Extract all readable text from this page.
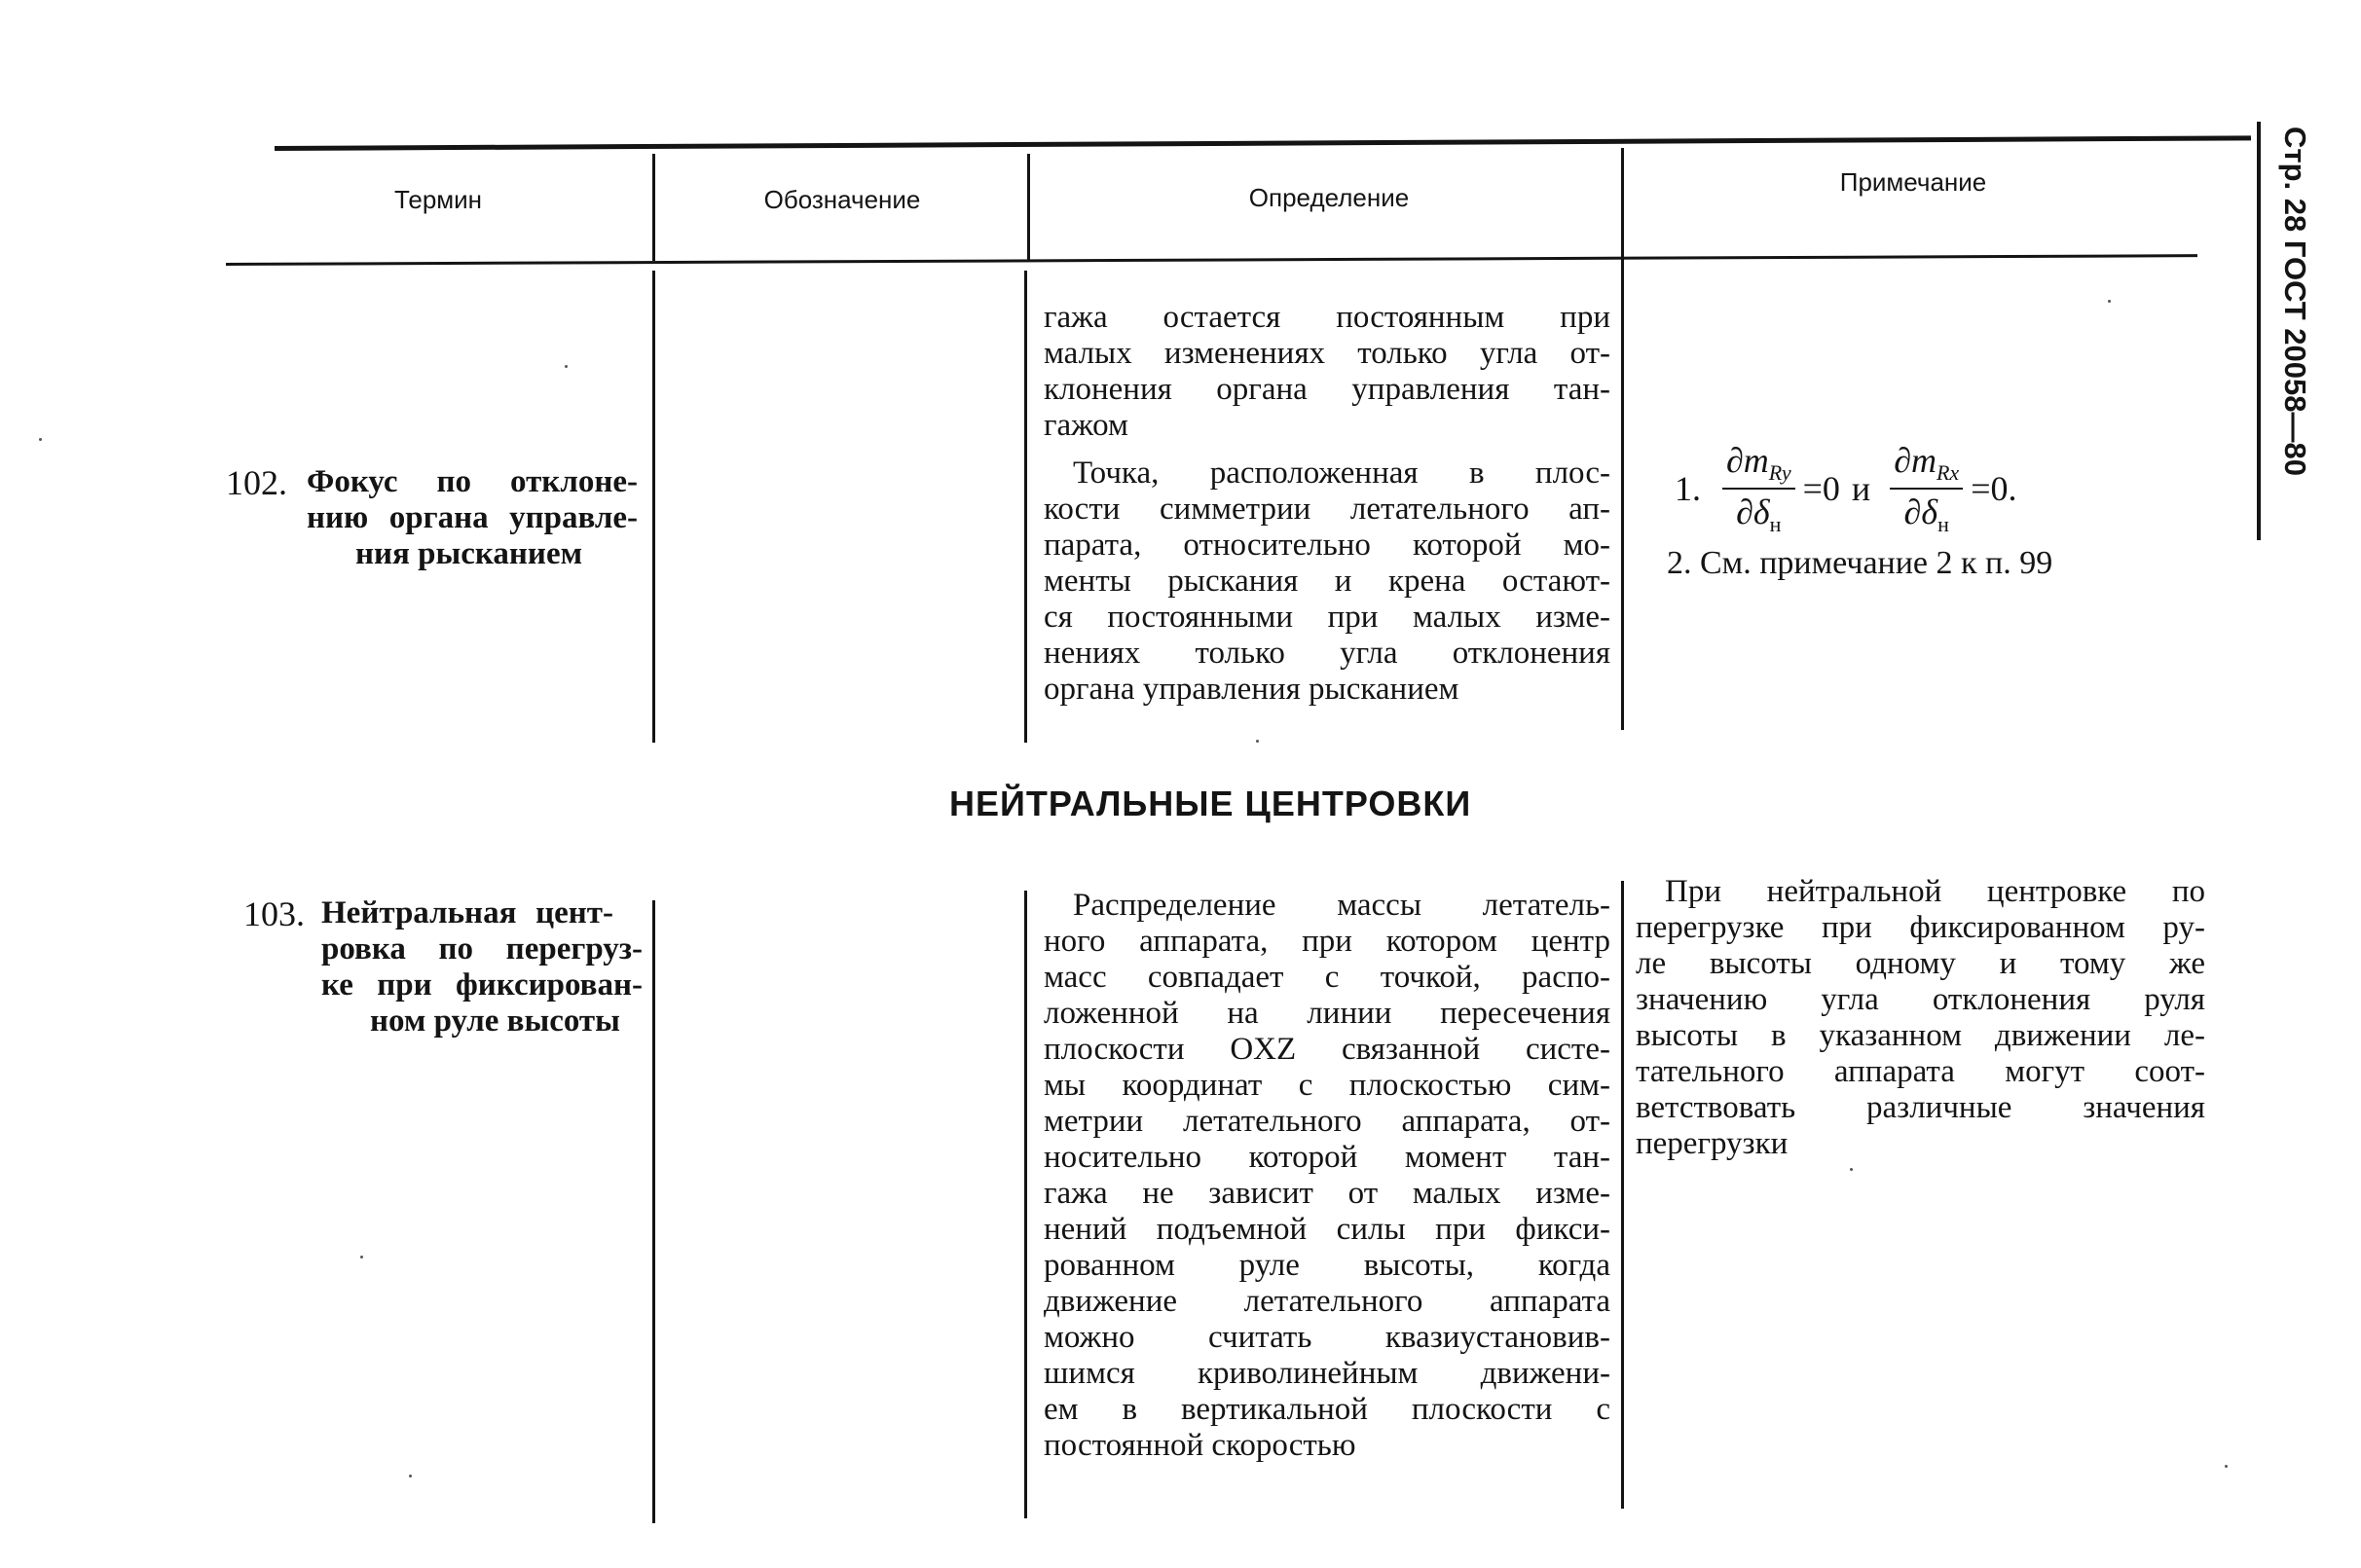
Стр. 28 ГОСТ 20058—80
Термин	Обозначение	Определение
Примечание
гажа остается постоянным при
малых изменениях только угла от-
клонения органа управления тан-
гажом
102. Фокус по отклоне-
нию органа управле-
ния рысканием
Точка, расположенная в плос-
кости симметрии летательного ап-
парата, относительно которой мо-
менты рыскания и крена остают-
ся постоянными при малых изме-
нениях только угла отклонения
органа управления рысканием
1. $\frac{\partial m_{Ry}}{\partial\delta_н} =0$ и $\frac{\partial m_{Rx}}{\partial\delta_н} =0$.
2. См. примечание 2 к п. 99
НЕЙТРАЛЬНЫЕ ЦЕНТРОВКИ
103. Нейтральная цент-
ровка по перегруз-
ке при фиксирован-
ном руле высоты
Распределение массы летатель-
ного аппарата, при котором центр
масс совпадает с точкой, распо-
ложенной на линии пересечения
плоскости OXZ связанной систе-
мы координат с плоскостью сим-
метрии летательного аппарата, от-
носительно которой момент тан-
гажа не зависит от малых изме-
нений подъемной силы при фикси-
рованном руле высоты, когда
движение летательного аппарата
можно считать квазиустановив-
шимся криволинейным движени-
ем в вертикальной плоскости с
постоянной скоростью
При нейтральной центровке по
перегрузке при фиксированном ру-
ле высоты одному и тому же
значению угла отклонения руля
высоты в указанном движении ле-
тательного аппарата могут соот-
ветствовать различные значения
перегрузки
